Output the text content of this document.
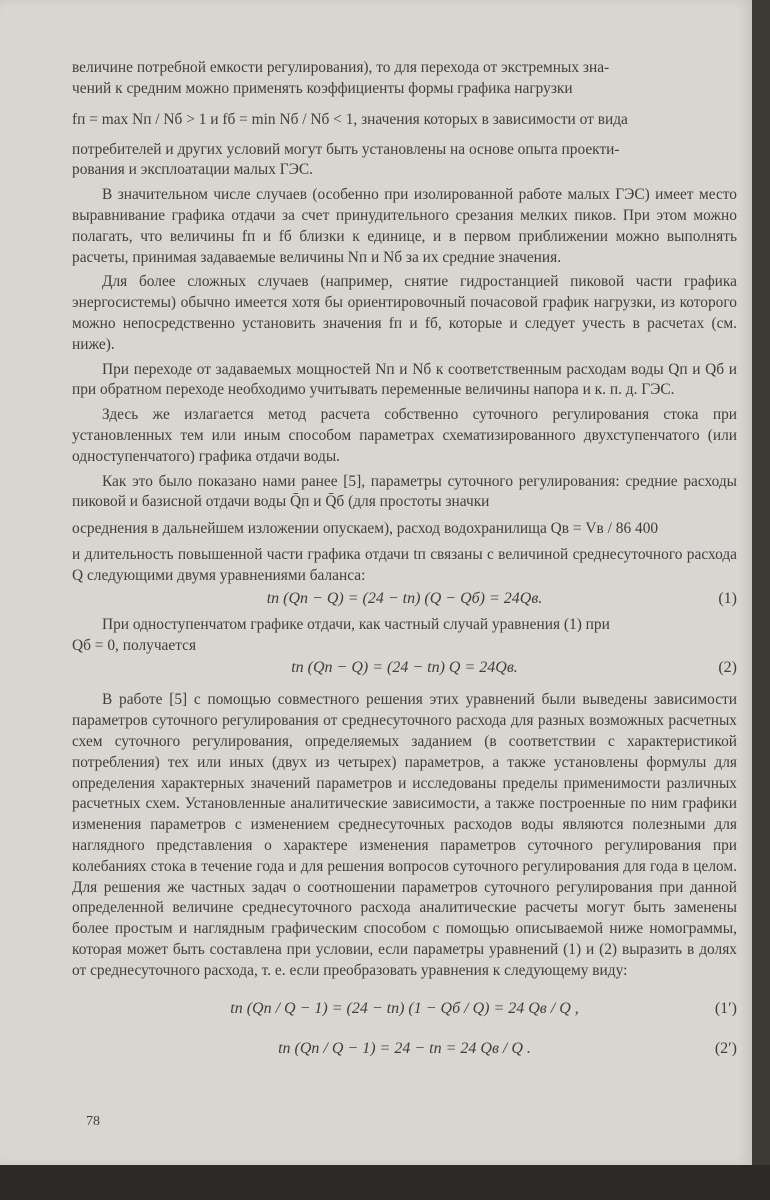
величине потребной емкости регулирования), то для перехода от экстремных зна-

чений к средним можно применять коэффициенты формы графика нагрузки

fп = max Nп / Nб > 1 и fб = min Nб / Nб < 1, значения которых в зависимости от вида

потребителей и других условий могут быть установлены на основе опыта проекти-

рования и эксплоатации малых ГЭС.

В значительном числе случаев (особенно при изолированной работе малых ГЭС) имеет место выравнивание графика отдачи за счет принудительного срезания мелких пиков. При этом можно полагать, что величины fп и fб близки к единице, и в первом приближении можно выполнять расчеты, принимая задаваемые величины Nп и Nб за их средние значения.

Для более сложных случаев (например, снятие гидростанцией пиковой части графика энергосистемы) обычно имеется хотя бы ориентировочный почасовой график нагрузки, из которого можно непосредственно установить значения fп и fб, которые и следует учесть в расчетах (см. ниже).

При переходе от задаваемых мощностей Nп и Nб к соответственным расходам воды Qп и Qб и при обратном переходе необходимо учитывать переменные величины напора и к. п. д. ГЭС.

Здесь же излагается метод расчета собственно суточного регулирования стока при установленных тем или иным способом параметрах схематизированного двухступенчатого (или одноступенчатого) графика отдачи воды.

Как это было показано нами ранее [5], параметры суточного регулирования: средние расходы пиковой и базисной отдачи воды Q̄п и Q̄б (для простоты значки

осреднения в дальнейшем изложении опускаем), расход водохранилища Qв = Vв / 86 400

и длительность повышенной части графика отдачи tп связаны с величиной среднесуточного расхода Q следующими двумя уравнениями баланса:

tп (Qп − Q) = (24 − tп) (Q − Qб) = 24Qв.	(1)

При одноступенчатом графике отдачи, как частный случай уравнения (1) при

Qб = 0, получается

tп (Qп − Q) = (24 − tп) Q = 24Qв.	(2)

В работе [5] с помощью совместного решения этих уравнений были выведены зависимости параметров суточного регулирования от среднесуточного расхода для разных возможных расчетных схем суточного регулирования, определяемых заданием (в соответствии с характеристикой потребления) тех или иных (двух из четырех) параметров, а также установлены формулы для определения характерных значений параметров и исследованы пределы применимости различных расчетных схем. Установленные аналитические зависимости, а также построенные по ним графики изменения параметров с изменением среднесуточных расходов воды являются полезными для наглядного представления о характере изменения параметров суточного регулирования при колебаниях стока в течение года и для решения вопросов суточного регулирования для года в целом. Для решения же частных задач о соотношении параметров суточного регулирования при данной определенной величине среднесуточного расхода аналитические расчеты могут быть заменены более простым и наглядным графическим способом с помощью описываемой ниже номограммы, которая может быть составлена при условии, если параметры уравнений (1) и (2) выразить в долях от среднесуточного расхода, т. е. если преобразовать уравнения к следующему виду:

tп (Qп / Q − 1) = (24 − tп) (1 − Qб / Q) = 24 Qв / Q ,	(1′)
tп (Qп / Q − 1) = 24 − tп = 24 Qв / Q .	(2′)
78
